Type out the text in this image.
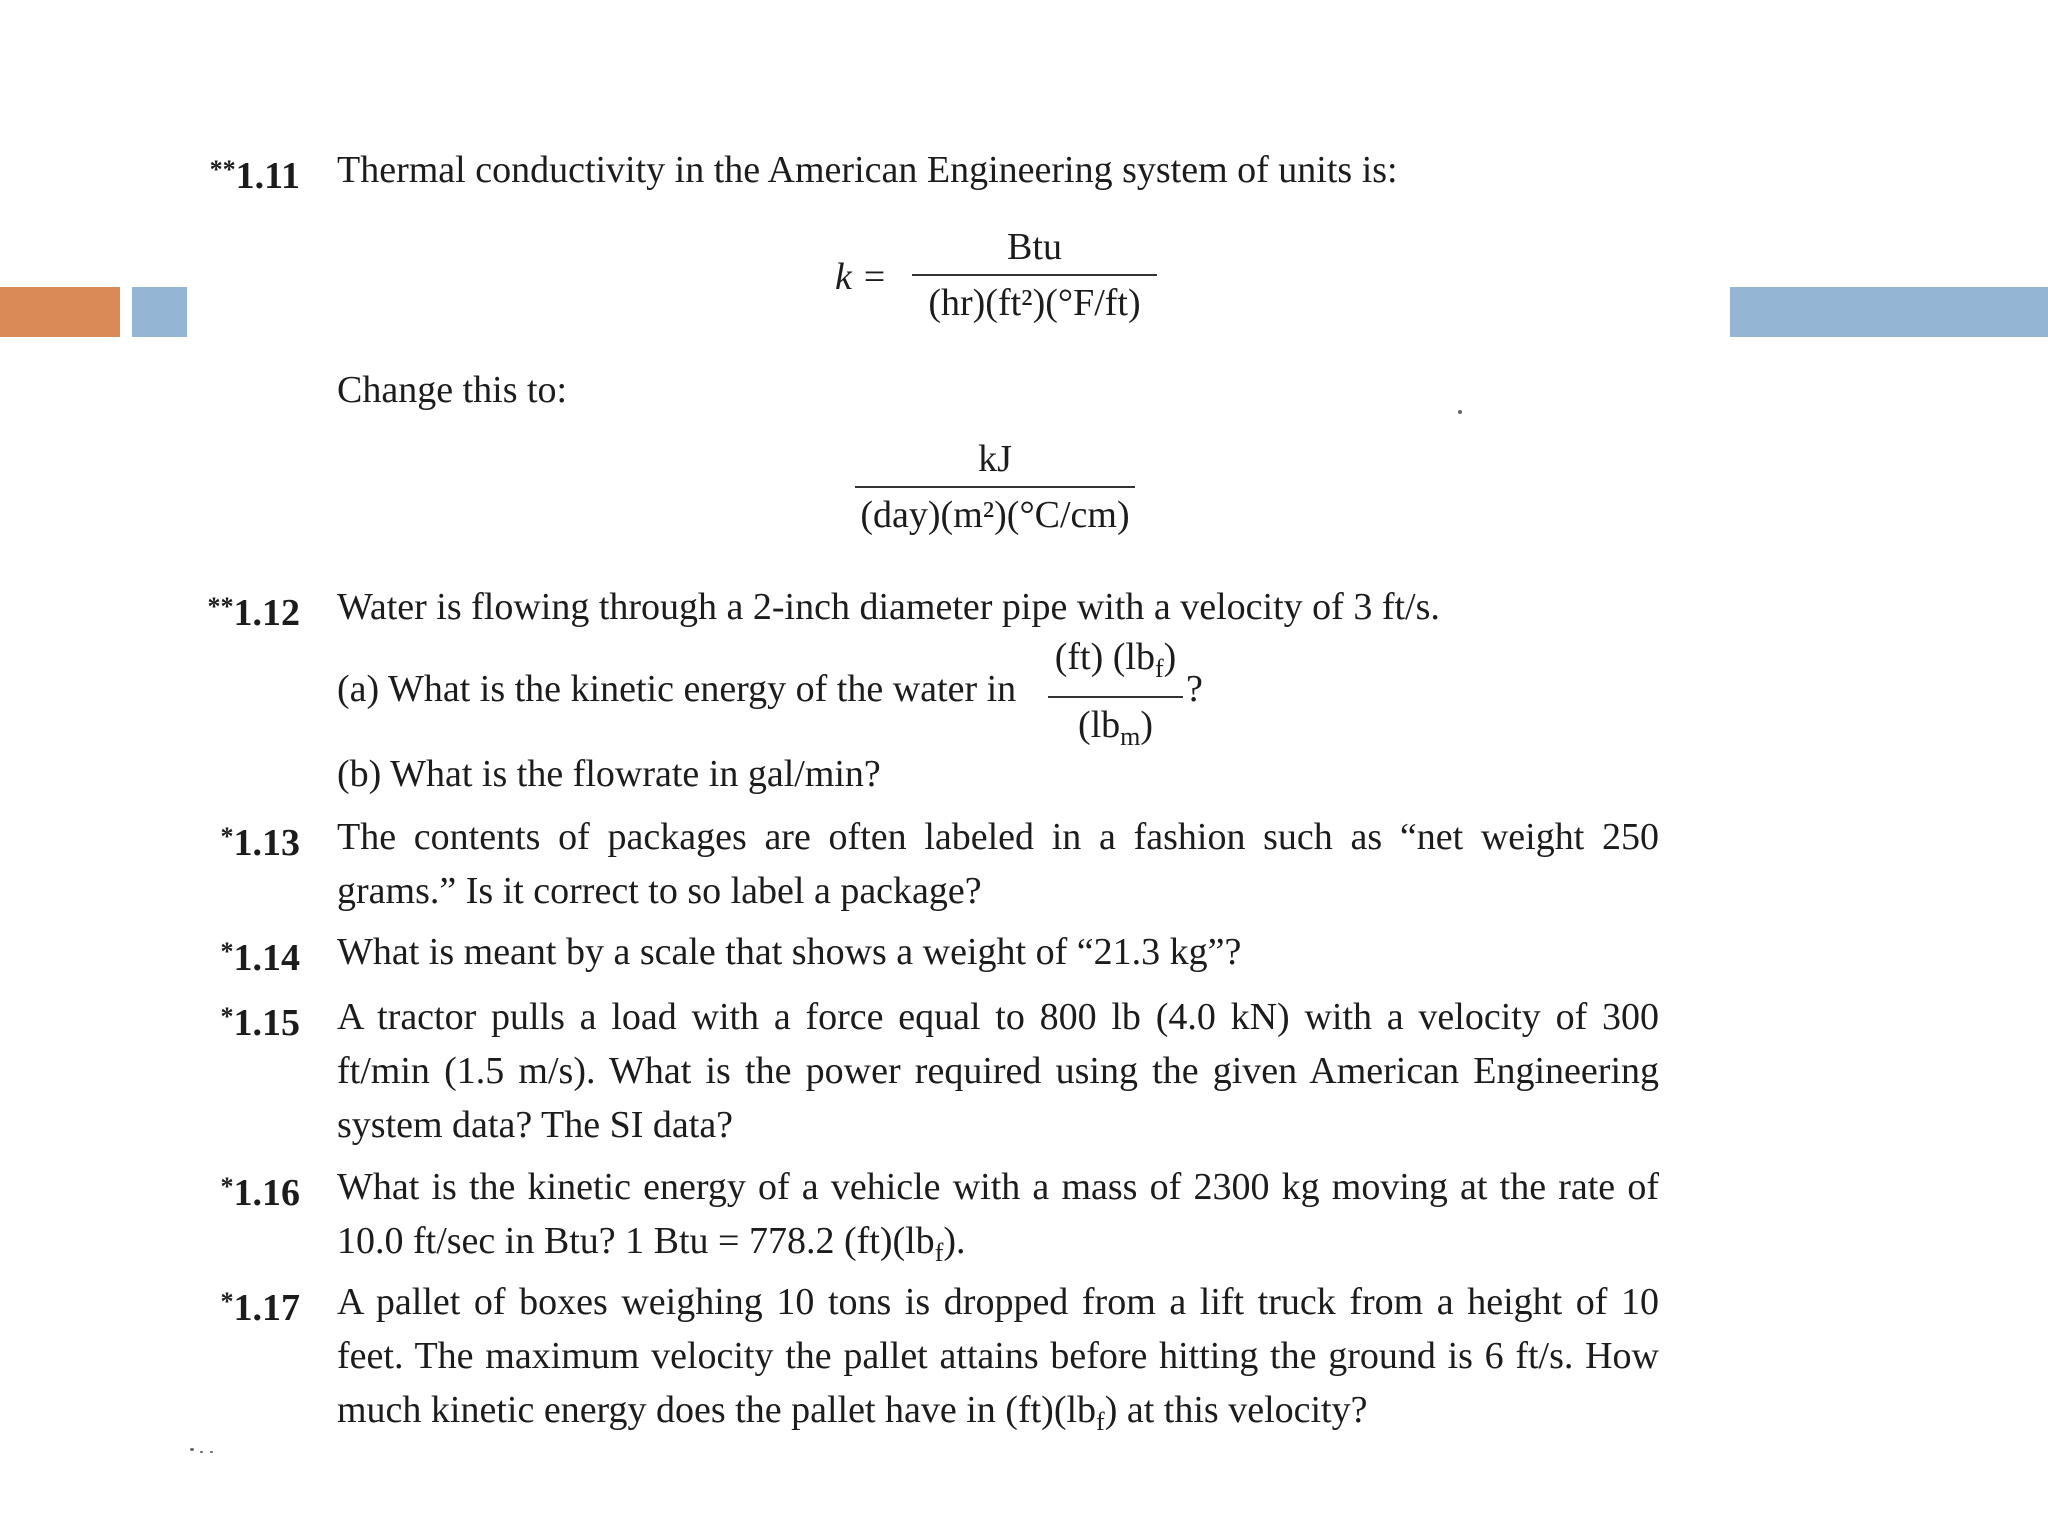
**1.11 Thermal conductivity in the American Engineering system of units is:
k =
Btu
(hr)(ft²)(°F/ft)
Change this to:
kJ
(day)(m²)(°C/cm)
**1.12 Water is flowing through a 2-inch diameter pipe with a velocity of 3 ft/s.
(a) What is the kinetic energy of the water in
(ft) $(lb_f)$
$(lb_m)$
?
(b) What is the flowrate in gal/min?
*1.13 The contents of packages are often labeled in a fashion such as “net weight 250 grams.” Is it correct to so label a package?
*1.14 What is meant by a scale that shows a weight of “21.3 kg”?
*1.15 A tractor pulls a load with a force equal to 800 lb (4.0 kN) with a velocity of 300 ft/min (1.5 m/s). What is the power required using the given American Engineering system data? The SI data?
*1.16 What is the kinetic energy of a vehicle with a mass of 2300 kg moving at the rate of 10.0 ft/sec in Btu? 1 Btu = 778.2 $(ft)(lb_f)$.
*1.17 A pallet of boxes weighing 10 tons is dropped from a lift truck from a height of 10 feet. The maximum velocity the pallet attains before hitting the ground is 6 ft/s. How much kinetic energy does the pallet have in $(ft)(lb_f)$ at this velocity?
